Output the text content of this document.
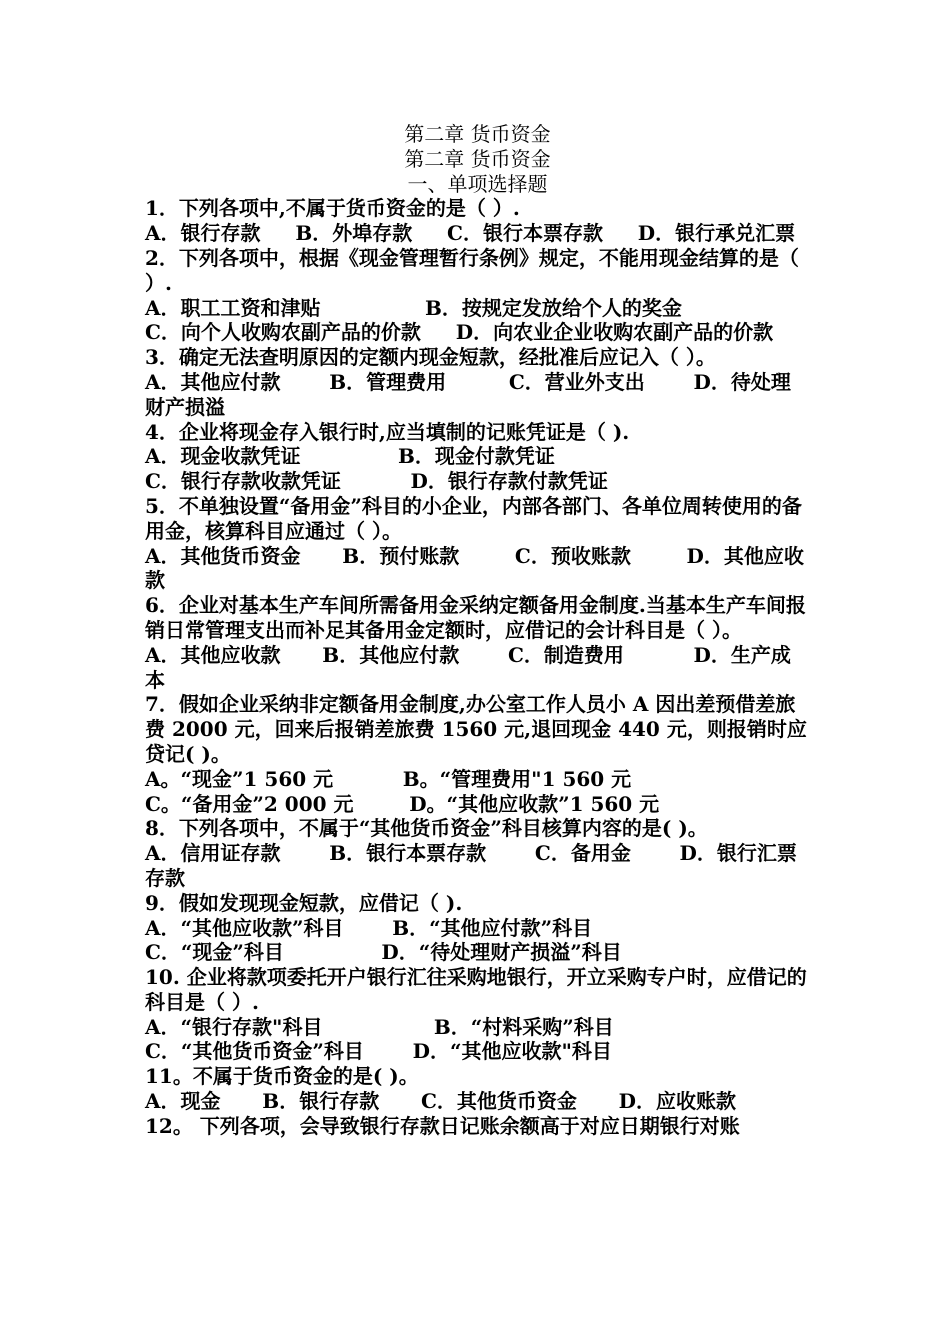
第二章 货币资金

第二章 货币资金

一、单项选择题

1．下列各项中,不属于货币资金的是（ ）.

A．银行存款     B．外埠存款     C．银行本票存款     D．银行承兑汇票

2．下列各项中，根据《现金管理暂行条例》规定，不能用现金结算的是（ ）.

A．职工工资和津贴               B．按规定发放给个人的奖金

C．向个人收购农副产品的价款     D．向农业企业收购农副产品的价款

3．确定无法查明原因的定额内现金短款，经批准后应记入（ ）。

A．其他应付款       B．管理费用         C．营业外支出       D．待处理财产损溢

4．企业将现金存入银行时,应当填制的记账凭证是（ ).

A．现金收款凭证              B．现金付款凭证

C．银行存款收款凭证          D．银行存款付款凭证

5．不单独设置“备用金”科目的小企业，内部各部门、各单位周转使用的备用金，核算科目应通过（ ）。

A．其他货币资金      B．预付账款        C．预收账款        D．其他应收款

6．企业对基本生产车间所需备用金采纳定额备用金制度.当基本生产车间报销日常管理支出而补足其备用金定额时，应借记的会计科目是（ ）。

A．其他应收款      B．其他应付款       C．制造费用          D．生产成本

7．假如企业采纳非定额备用金制度,办公室工作人员小 A 因出差预借差旅费 2000 元，回来后报销差旅费 1560 元,退回现金 440 元，则报销时应贷记( )。

A。“现金”1 560 元          B。“管理费用"1 560 元

C。“备用金”2 000 元        D。“其他应收款”1 560 元

8．下列各项中，不属于“其他货币资金”科目核算内容的是( )。

A．信用证存款       B．银行本票存款       C．备用金       D．银行汇票存款

9．假如发现现金短款，应借记（ ).

A．“其他应收款”科目       B．“其他应付款”科目

C．“现金”科目              D．“待处理财产损溢”科目

10. 企业将款项委托开户银行汇往采购地银行，开立采购专户时，应借记的科目是（ ）.

A．“银行存款"科目                B．“村料采购”科目

C．“其他货币资金”科目       D．“其他应收款"科目

11。不属于货币资金的是( )。

A．现金      B．银行存款      C．其他货币资金      D．应收账款

12。 下列各项，会导致银行存款日记账余额高于对应日期银行对账
